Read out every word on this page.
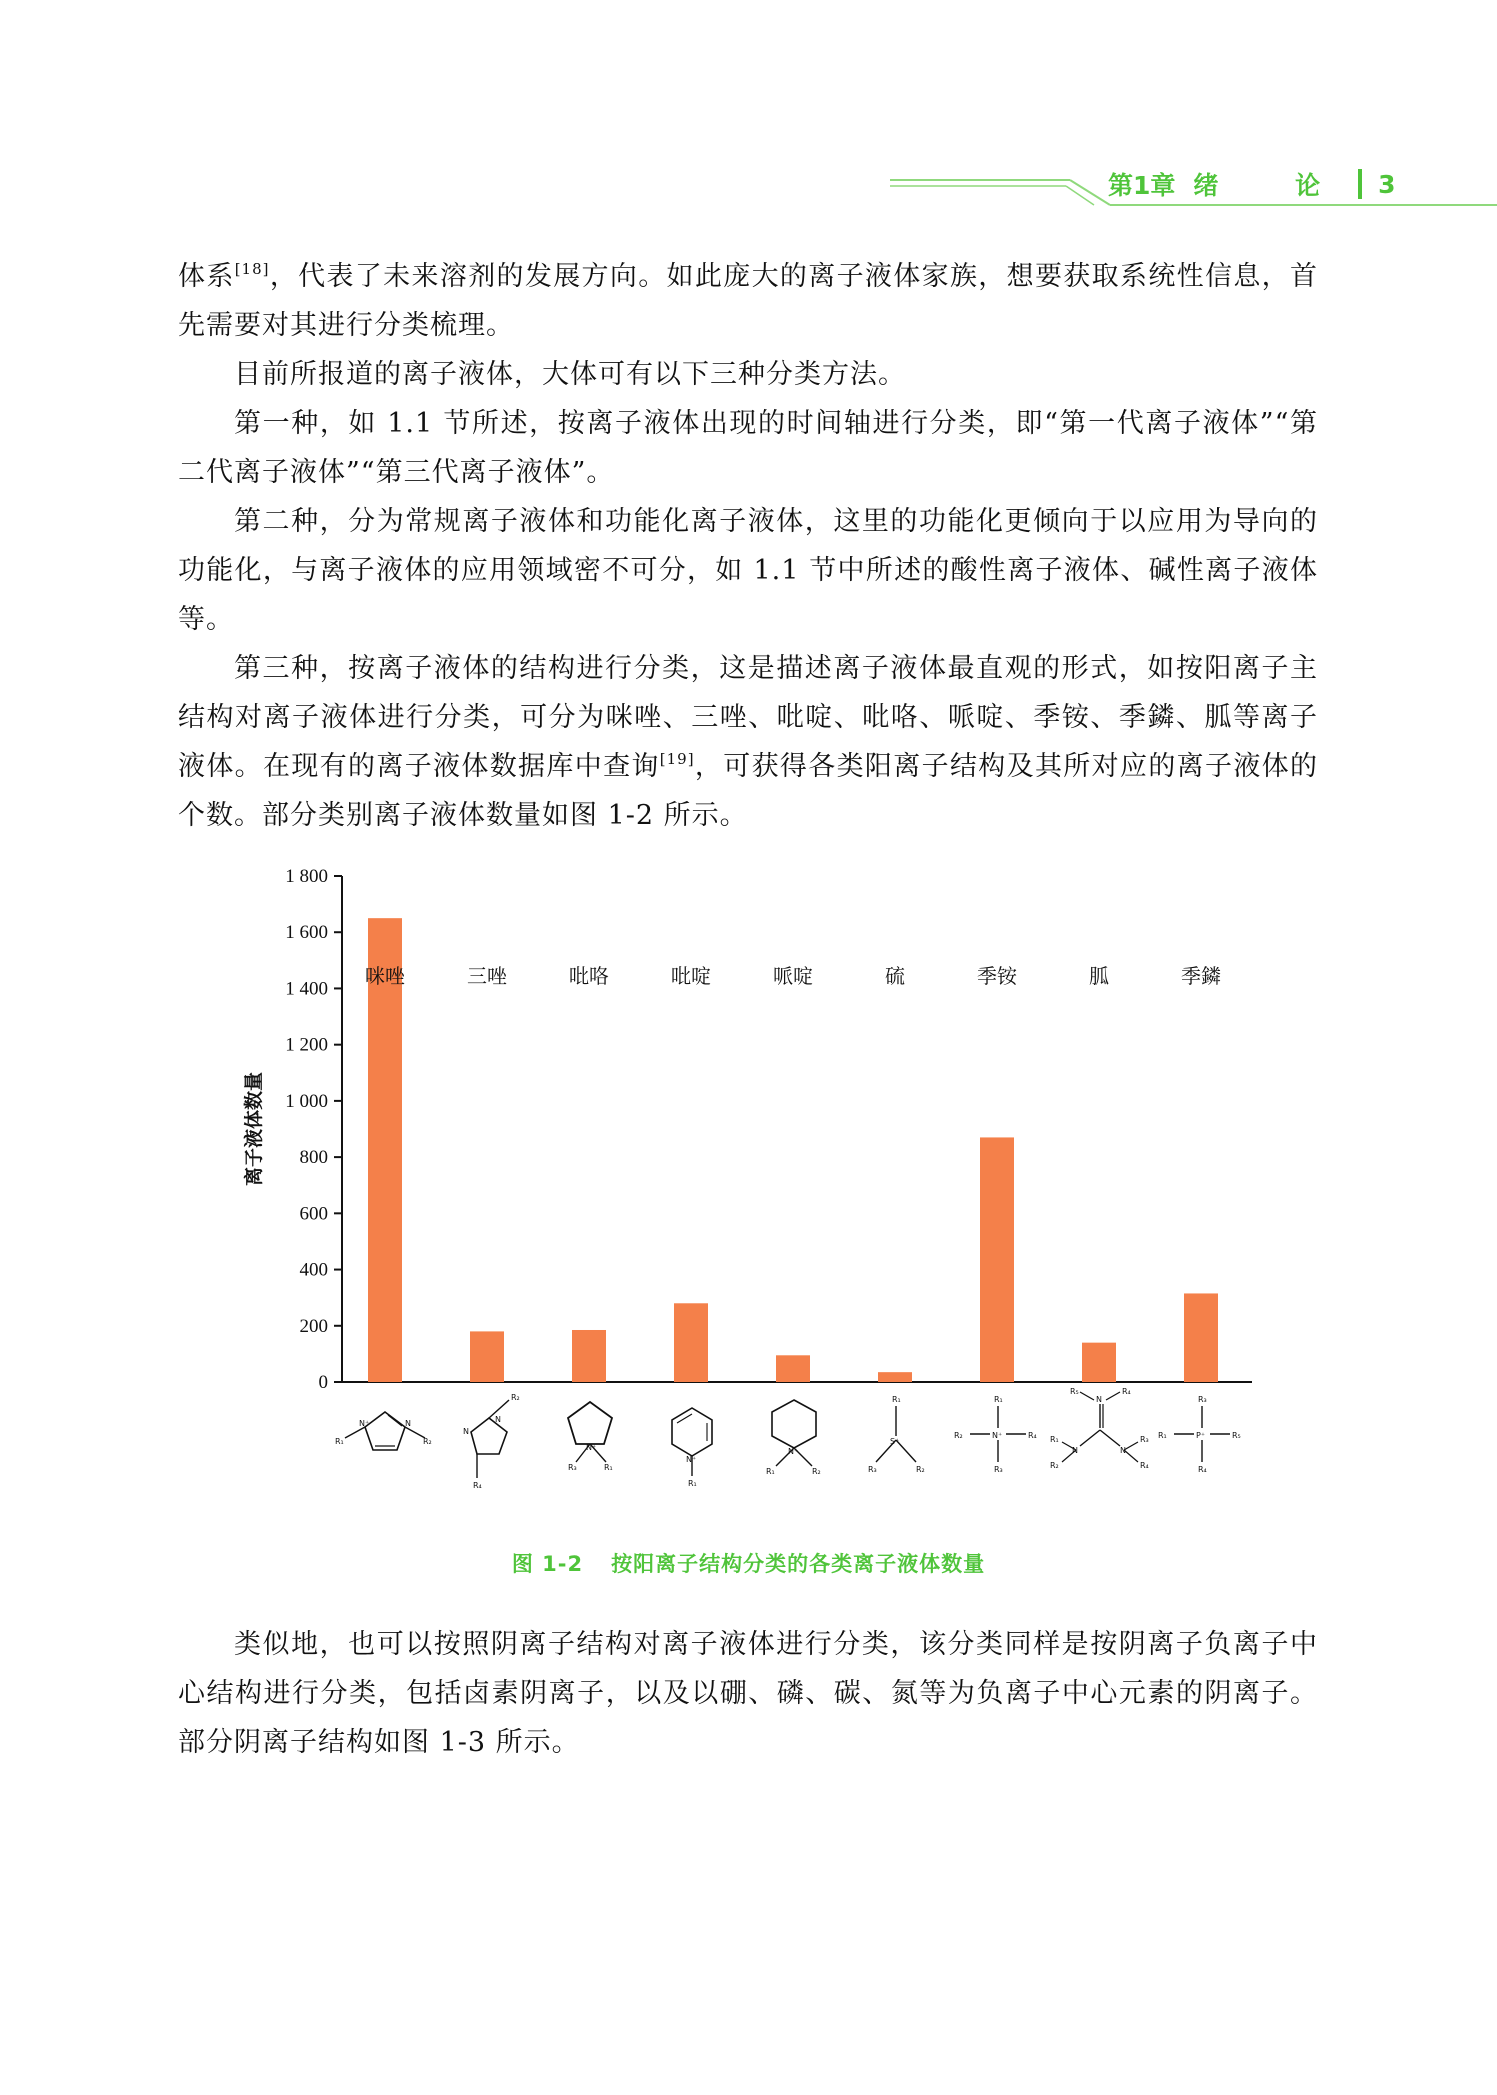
第1章 绪 论 3

体系[18]，代表了未来溶剂的发展方向。如此庞大的离子液体家族，想要获取系统性信息，首先需要对其进行分类梳理。

目前所报道的离子液体，大体可有以下三种分类方法。

第一种，如 1.1 节所述，按离子液体出现的时间轴进行分类，即“第一代离子液体”“第二代离子液体”“第三代离子液体”。

第二种，分为常规离子液体和功能化离子液体，这里的功能化更倾向于以应用为导向的功能化，与离子液体的应用领域密不可分，如 1.1 节中所述的酸性离子液体、碱性离子液体等。

第三种，按离子液体的结构进行分类，这是描述离子液体最直观的形式，如按阳离子主结构对离子液体进行分类，可分为咪唑、三唑、吡啶、吡咯、哌啶、季铵、季鏻、胍等离子液体。在现有的离子液体数据库中查询[19]，可获得各类阳离子结构及其所对应的离子液体的个数。部分类别离子液体数量如图 1-2 所示。

0
200
400
600
800
1 000
1 200
1 400
1 600
1 800
离子液体数量
N⁺	N
R₁	R₂
N
N
R₂
R₄
N⁺
R₃	R₁
N⁺
R₁
N⁺
R₁	R₂
R₁
S⁺
R₃	R₂
R₁
N⁺
R₂	R₄
R₃
N
N	N
R₅	R₄
R₁
R₂
R₃
R₄
R₃
P⁺
R₁	R₅
R₄
咪唑	三唑	吡咯	吡啶	哌啶	硫	季铵	胍	季鏻
图 1-2 按阳离子结构分类的各类离子液体数量

类似地，也可以按照阴离子结构对离子液体进行分类，该分类同样是按阴离子负离子中心结构进行分类，包括卤素阴离子，以及以硼、磷、碳、氮等为负离子中心元素的阴离子。部分阴离子结构如图 1-3 所示。
